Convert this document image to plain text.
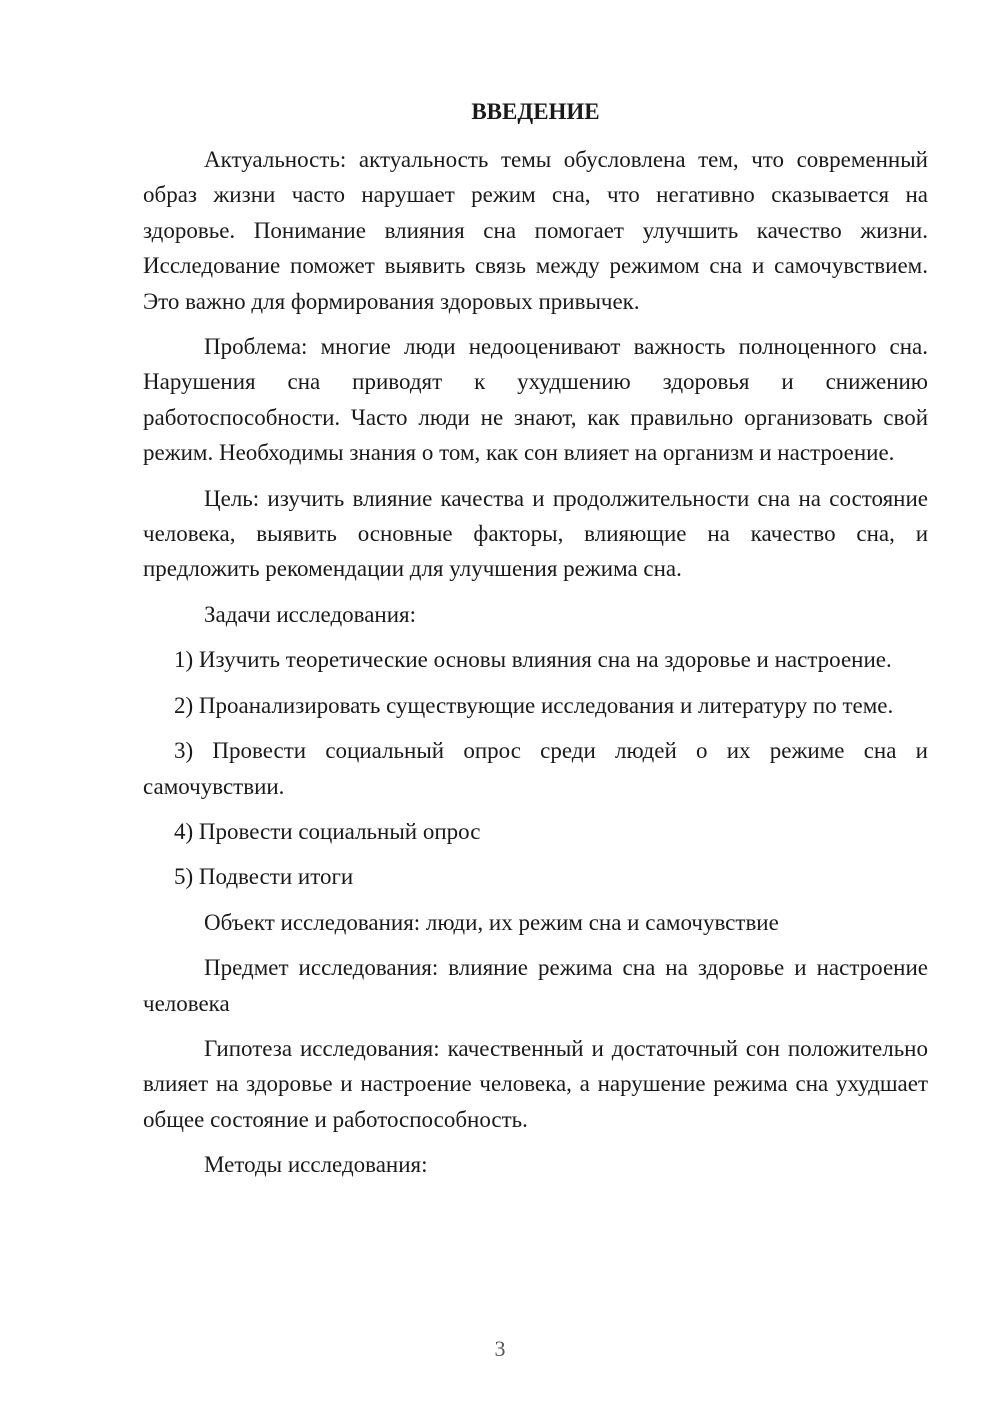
ВВЕДЕНИЕ

Актуальность: актуальность темы обусловлена тем, что современный образ жизни часто нарушает режим сна, что негативно сказывается на здоровье. Понимание влияния сна помогает улучшить качество жизни. Исследование поможет выявить связь между режимом сна и самочувствием. Это важно для формирования здоровых привычек.

Проблема: многие люди недооценивают важность полноценного сна. Нарушения сна приводят к ухудшению здоровья и снижению работоспособности. Часто люди не знают, как правильно организовать свой режим. Необходимы знания о том, как сон влияет на организм и настроение.

Цель: изучить влияние качества и продолжительности сна на состояние человека, выявить основные факторы, влияющие на качество сна, и предложить рекомендации для улучшения режима сна.

Задачи исследования:

1) Изучить теоретические основы влияния сна на здоровье и настроение.

2) Проанализировать существующие исследования и литературу по теме.

3) Провести социальный опрос среди людей о их режиме сна и самочувствии.

4) Провести социальный опрос

5) Подвести итоги

Объект исследования: люди, их режим сна и самочувствие

Предмет исследования: влияние режима сна на здоровье и настроение человека

Гипотеза исследования: качественный и достаточный сон положительно влияет на здоровье и настроение человека, а нарушение режима сна ухудшает общее состояние и работоспособность.

Методы исследования:

3
